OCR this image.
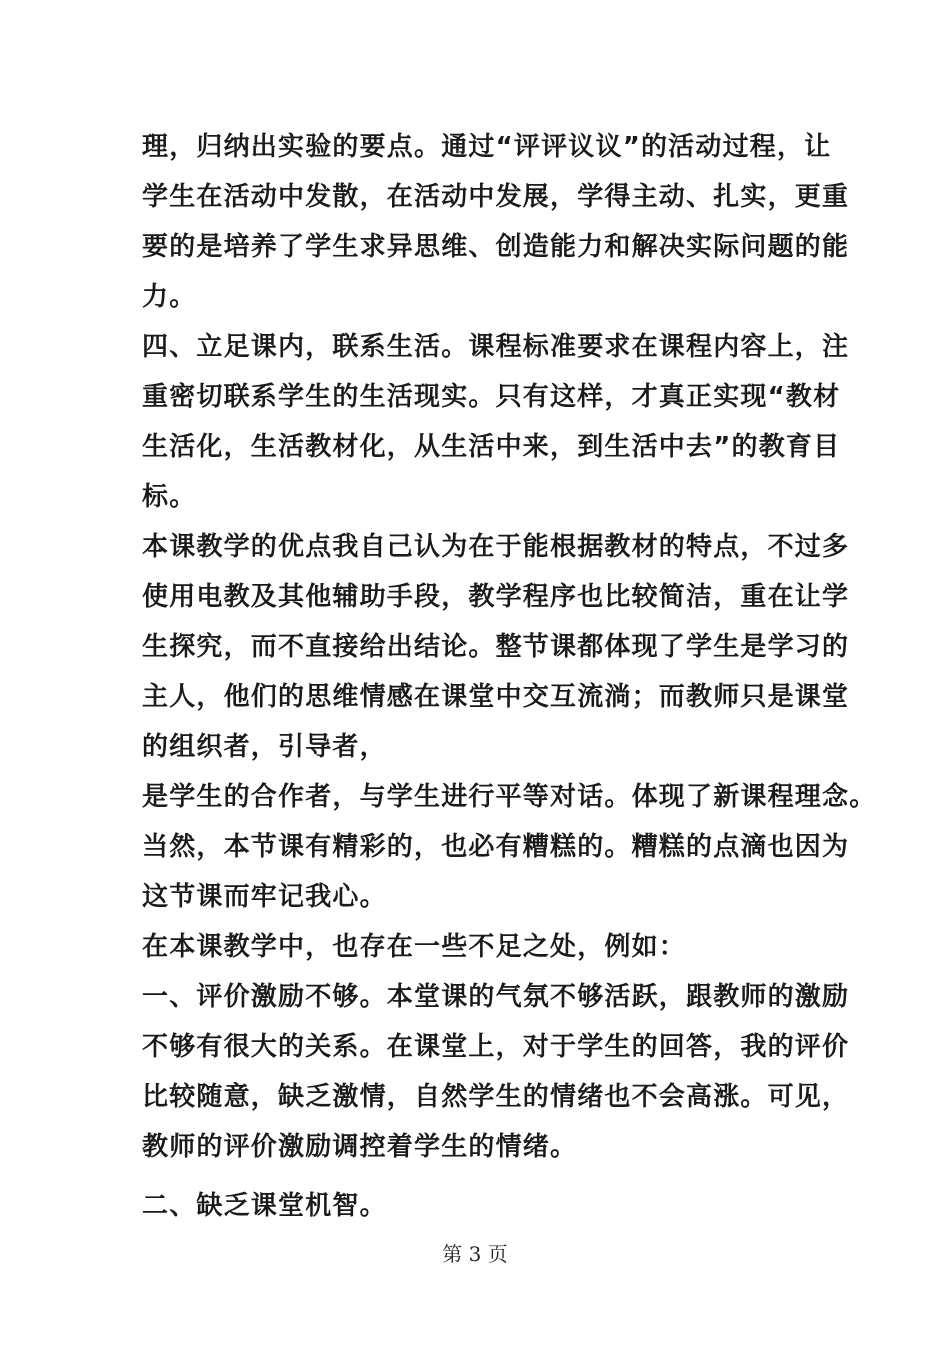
理，归纳出实验的要点。通过“评评议议”的活动过程，让
学生在活动中发散，在活动中发展，学得主动、扎实，更重
要的是培养了学生求异思维、创造能力和解决实际问题的能
力。
四、立足课内，联系生活。课程标准要求在课程内容上，注
重密切联系学生的生活现实。只有这样，才真正实现“教材
生活化，生活教材化，从生活中来，到生活中去”的教育目
标。
本课教学的优点我自己认为在于能根据教材的特点，不过多
使用电教及其他辅助手段，教学程序也比较简洁，重在让学
生探究，而不直接给出结论。整节课都体现了学生是学习的
主人，他们的思维情感在课堂中交互流淌；而教师只是课堂
的组织者，引导者，
是学生的合作者，与学生进行平等对话。体现了新课程理念。
当然，本节课有精彩的，也必有糟糕的。糟糕的点滴也因为
这节课而牢记我心。
在本课教学中，也存在一些不足之处，例如：
一、评价激励不够。本堂课的气氛不够活跃，跟教师的激励
不够有很大的关系。在课堂上，对于学生的回答，我的评价
比较随意，缺乏激情，自然学生的情绪也不会高涨。可见，
教师的评价激励调控着学生的情绪。
二、缺乏课堂机智。
第 3 页
